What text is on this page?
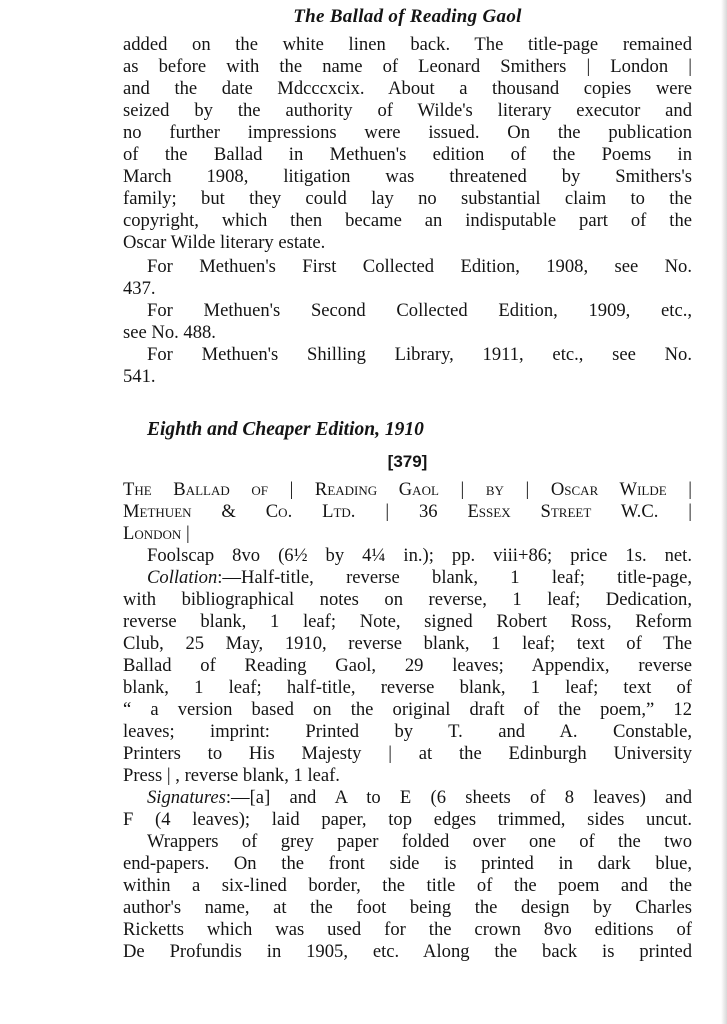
The Ballad of Reading Gaol
added on the white linen back. The title-page remained
as before with the name of Leonard Smithers | London |
and the date Mdcccxcix. About a thousand copies were
seized by the authority of Wilde's literary executor and
no further impressions were issued. On the publication
of the Ballad in Methuen's edition of the Poems in
March 1908, litigation was threatened by Smithers's
family; but they could lay no substantial claim to the
copyright, which then became an indisputable part of the
Oscar Wilde literary estate.
For Methuen's First Collected Edition, 1908, see No.
437.
For Methuen's Second Collected Edition, 1909, etc.,
see No. 488.
For Methuen's Shilling Library, 1911, etc., see No.
541.
Eighth and Cheaper Edition, 1910
[379]
The Ballad of | Reading Gaol | by | Oscar Wilde |
Methuen & Co. Ltd. | 36 Essex Street W.C. |
London |
Foolscap 8vo (6½ by 4¼ in.); pp. viii+86; price 1s. net.
Collation:—Half-title, reverse blank, 1 leaf; title-page,
with bibliographical notes on reverse, 1 leaf; Dedication,
reverse blank, 1 leaf; Note, signed Robert Ross, Reform
Club, 25 May, 1910, reverse blank, 1 leaf; text of The
Ballad of Reading Gaol, 29 leaves; Appendix, reverse
blank, 1 leaf; half-title, reverse blank, 1 leaf; text of
“ a version based on the original draft of the poem,” 12
leaves; imprint: Printed by T. and A. Constable,
Printers to His Majesty | at the Edinburgh University
Press | , reverse blank, 1 leaf.
Signatures:—[a] and A to E (6 sheets of 8 leaves) and
F (4 leaves); laid paper, top edges trimmed, sides uncut.
Wrappers of grey paper folded over one of the two
end-papers. On the front side is printed in dark blue,
within a six-lined border, the title of the poem and the
author's name, at the foot being the design by Charles
Ricketts which was used for the crown 8vo editions of
De Profundis in 1905, etc. Along the back is printed
